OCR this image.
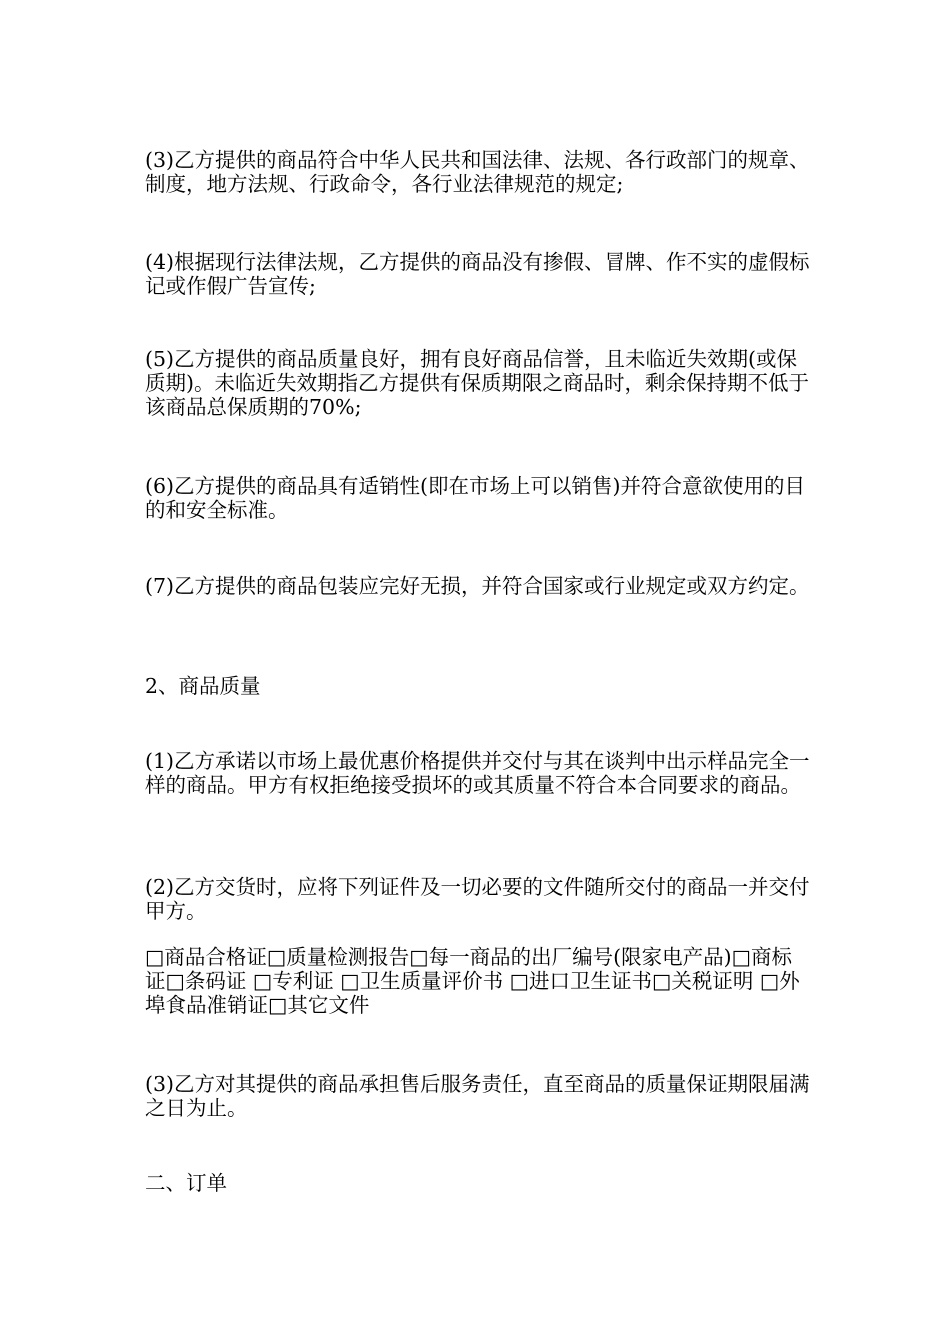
(3)乙方提供的商品符合中华人民共和国法律、法规、各行政部门的规章、制度，地方法规、行政命令，各行业法律规范的规定;

(4)根据现行法律法规，乙方提供的商品没有掺假、冒牌、作不实的虚假标记或作假广告宣传;

(5)乙方提供的商品质量良好，拥有良好商品信誉，且未临近失效期(或保质期)。未临近失效期指乙方提供有保质期限之商品时，剩余保持期不低于该商品总保质期的70%;

(6)乙方提供的商品具有适销性(即在市场上可以销售)并符合意欲使用的目的和安全标准。

(7)乙方提供的商品包装应完好无损，并符合国家或行业规定或双方约定。

2、商品质量

(1)乙方承诺以市场上最优惠价格提供并交付与其在谈判中出示样品完全一样的商品。甲方有权拒绝接受损坏的或其质量不符合本合同要求的商品。

(2)乙方交货时，应将下列证件及一切必要的文件随所交付的商品一并交付甲方。

□商品合格证□质量检测报告□每一商品的出厂编号(限家电产品)□商标证□条码证 □专利证 □卫生质量评价书 □进口卫生证书□关税证明 □外埠食品准销证□其它文件

(3)乙方对其提供的商品承担售后服务责任，直至商品的质量保证期限届满之日为止。

二、订单
